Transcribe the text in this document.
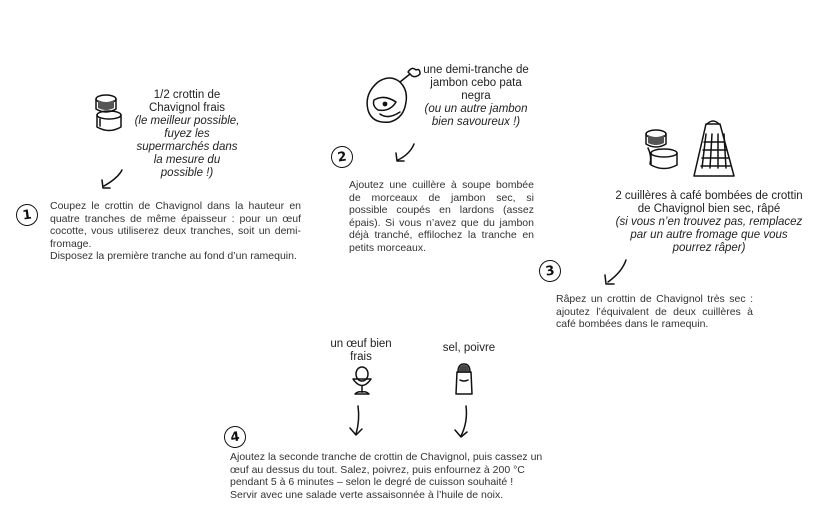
1/2 crottin de Chavignol frais
(le meilleur possible, fuyez les supermarchés dans la mesure du possible !)
une demi-tranche de jambon cebo pata negra
(ou un autre jambon bien savoureux !)
2 cuillères à café bombées de crottin de Chavignol bien sec, râpé
(si vous n’en trouvez pas, remplacez par un autre fromage que vous pourrez râper)
un œuf bien frais
sel, poivre
1

Coupez le crottin de Chavignol dans la hauteur en quatre tranches de même épaisseur : pour un œuf cocotte, vous utiliserez deux tranches, soit un demi-fromage.

Disposez la première tranche au fond d’un ramequin.

2

Ajoutez une cuillère à soupe bombée de morceaux de jambon sec, si possible coupés en lardons (assez épais). Si vous n’avez que du jambon déjà tranché, effilochez la tranche en petits morceaux.

3

Râpez un crottin de Chavignol très sec : ajoutez l’équivalent de deux cuillères à café bombées dans le ramequin.

4

Ajoutez la seconde tranche de crottin de Chavignol, puis cassez un œuf au dessus du tout. Salez, poivrez, puis enfournez à 200 °C pendant 5 à 6 minutes – selon le degré de cuisson souhaité !

Servir avec une salade verte assaisonnée à l’huile de noix.
